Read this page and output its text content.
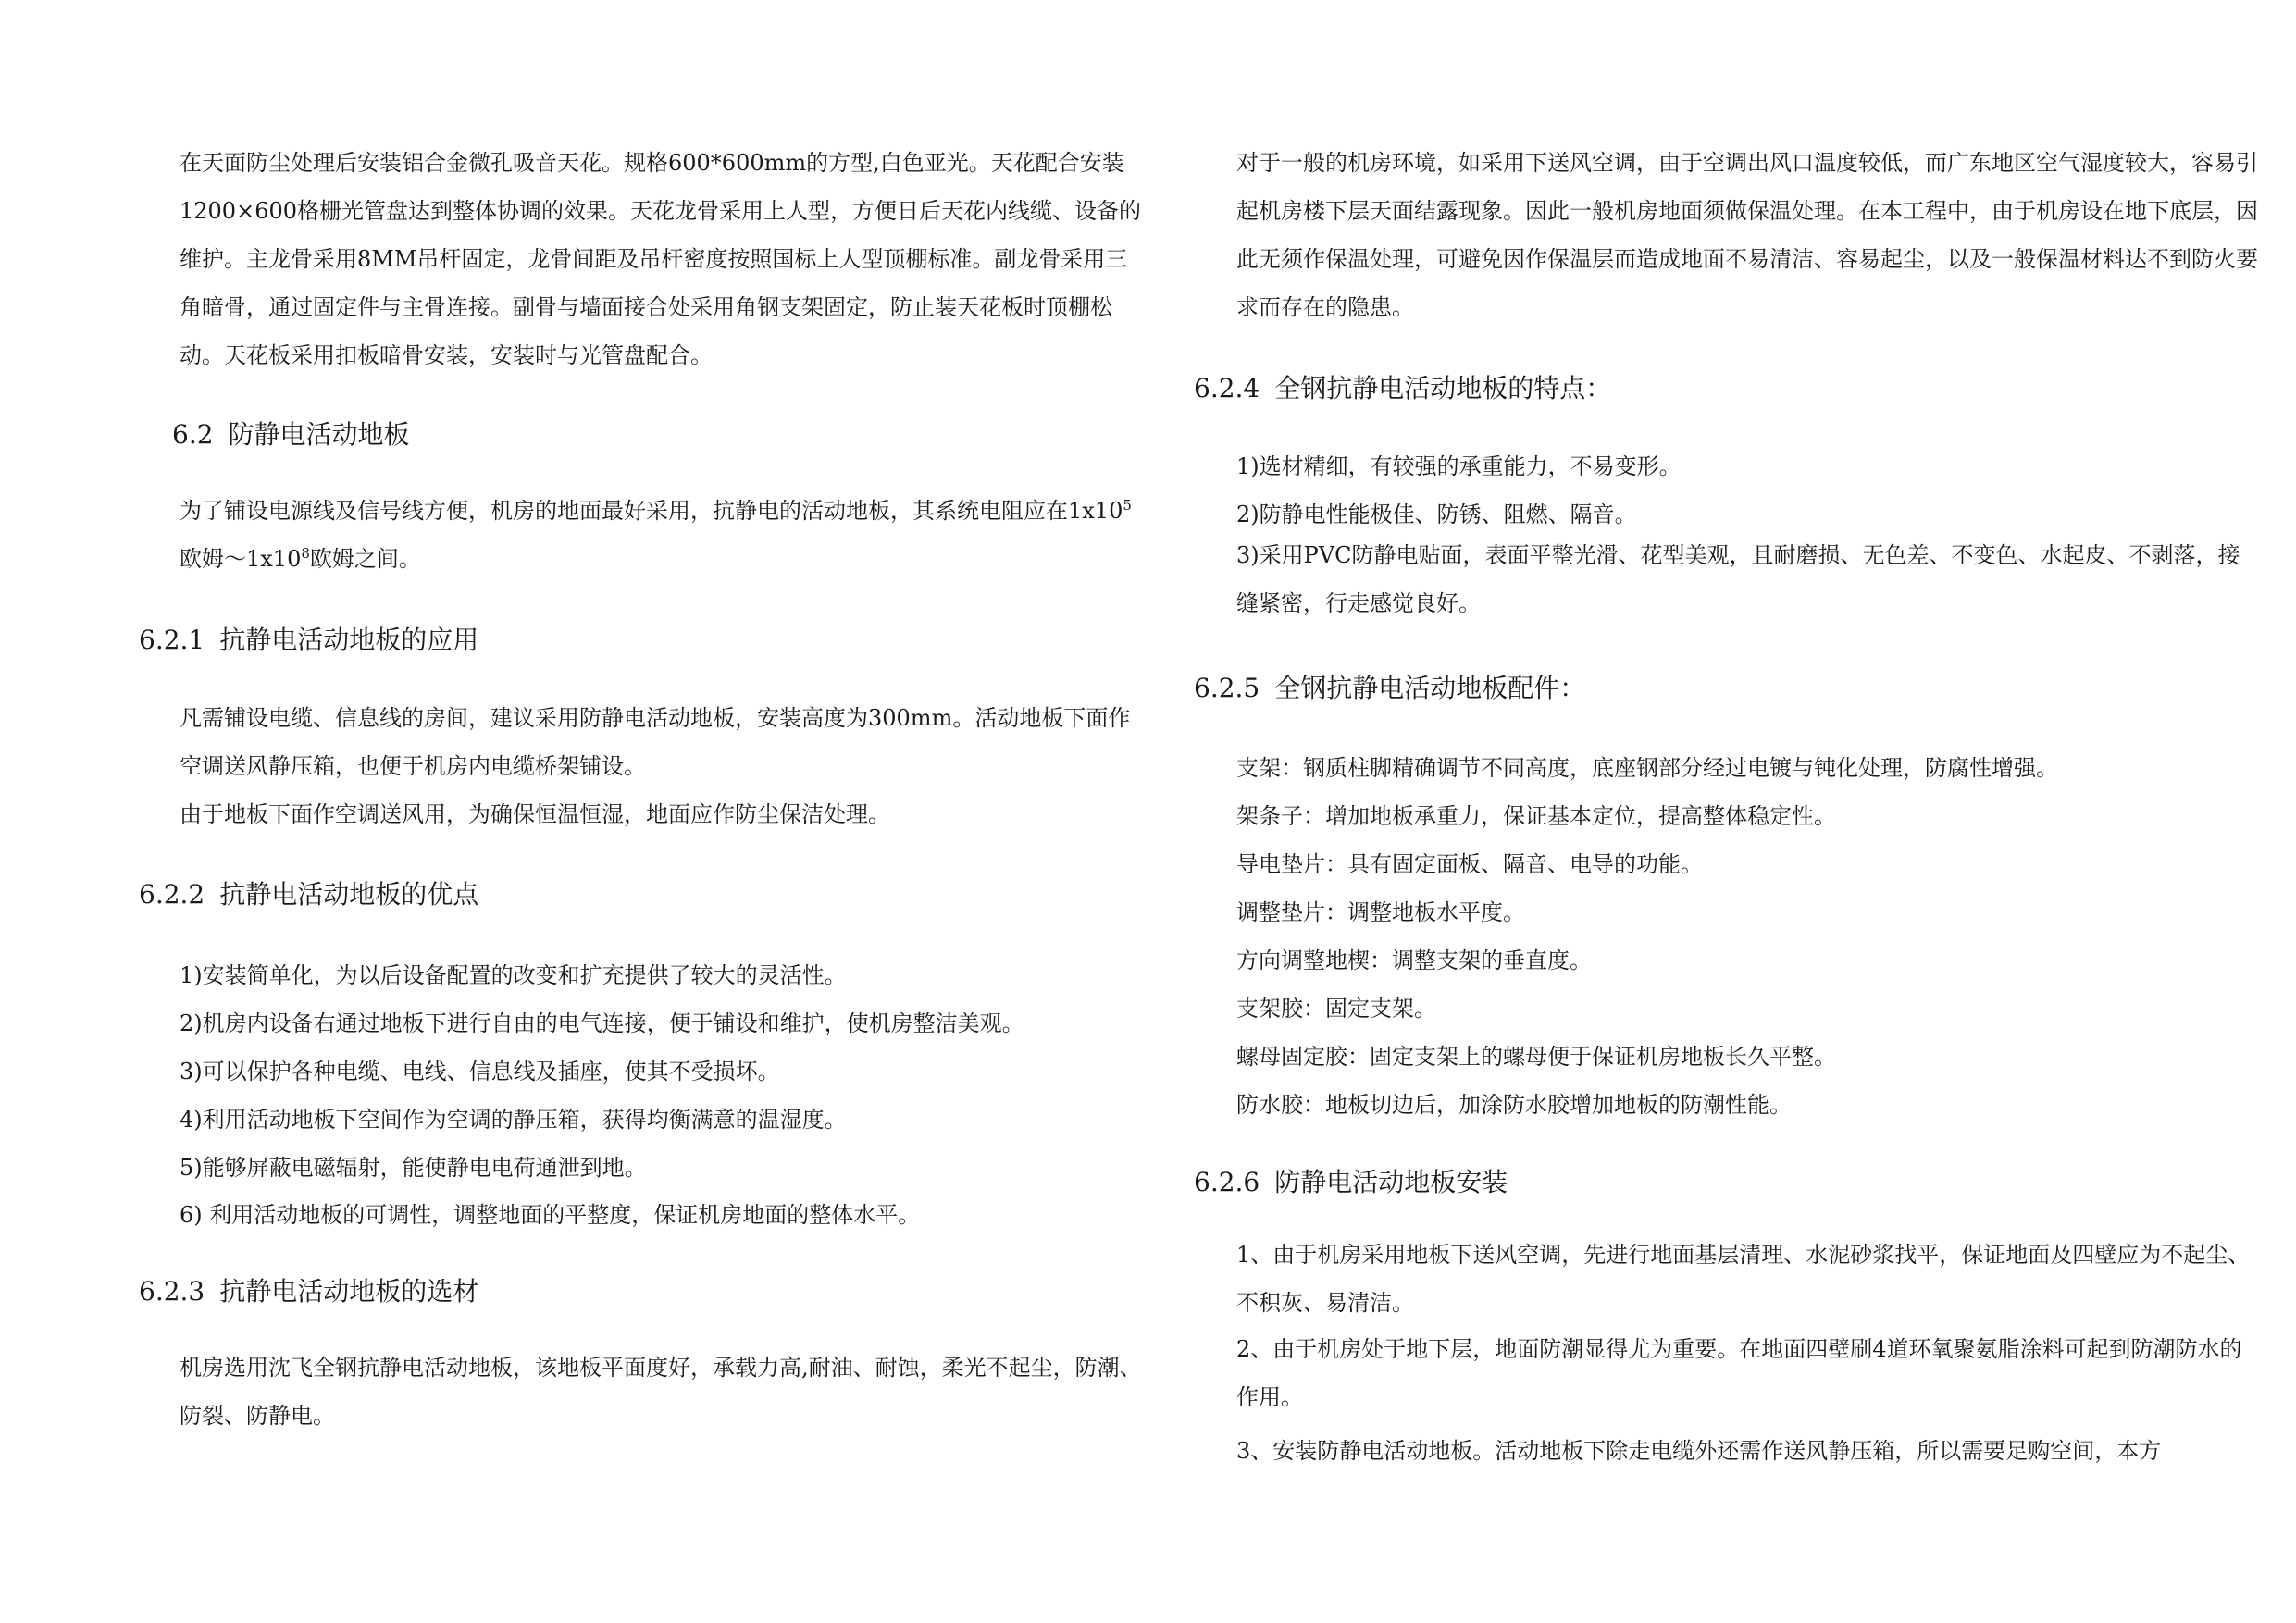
在天面防尘处理后安装铝合金微孔吸音天花。规格600*600mm的方型,白色亚光。天花配合安装1200×600格栅光管盘达到整体协调的效果。天花龙骨采用上人型，方便日后天花内线缆、设备的维护。主龙骨采用8MM吊杆固定，龙骨间距及吊杆密度按照国标上人型顶棚标准。副龙骨采用三角暗骨，通过固定件与主骨连接。副骨与墙面接合处采用角钢支架固定，防止装天花板时顶棚松动。天花板采用扣板暗骨安装，安装时与光管盘配合。

6.2 防静电活动地板

为了铺设电源线及信号线方便，机房的地面最好采用，抗静电的活动地板，其系统电阻应在$1x10^5$欧姆$\sim 1x10^8$欧姆之间。

6.2.1 抗静电活动地板的应用

凡需铺设电缆、信息线的房间，建议采用防静电活动地板，安装高度为300mm。活动地板下面作空调送风静压箱，也便于机房内电缆桥架铺设。

由于地板下面作空调送风用，为确保恒温恒湿，地面应作防尘保洁处理。

6.2.2 抗静电活动地板的优点

1)安装简单化，为以后设备配置的改变和扩充提供了较大的灵活性。

2)机房内设备右通过地板下进行自由的电气连接，便于铺设和维护，使机房整洁美观。

3)可以保护各种电缆、电线、信息线及插座，使其不受损坏。

4)利用活动地板下空间作为空调的静压箱，获得均衡满意的温湿度。

5)能够屏蔽电磁辐射，能使静电电荷通泄到地。

6) 利用活动地板的可调性，调整地面的平整度，保证机房地面的整体水平。

6.2.3 抗静电活动地板的选材

机房选用沈飞全钢抗静电活动地板，该地板平面度好，承载力高,耐油、耐蚀，柔光不起尘，防潮、防裂、防静电。

对于一般的机房环境，如采用下送风空调，由于空调出风口温度较低，而广东地区空气湿度较大，容易引起机房楼下层天面结露现象。因此一般机房地面须做保温处理。在本工程中，由于机房设在地下底层，因此无须作保温处理，可避免因作保温层而造成地面不易清洁、容易起尘，以及一般保温材料达不到防火要求而存在的隐患。

6.2.4 全钢抗静电活动地板的特点：

1)选材精细，有较强的承重能力，不易变形。

2)防静电性能极佳、防锈、阻燃、隔音。

3)采用PVC防静电贴面，表面平整光滑、花型美观，且耐磨损、无色差、不变色、水起皮、不剥落，接缝紧密，行走感觉良好。

6.2.5 全钢抗静电活动地板配件：

支架：钢质柱脚精确调节不同高度，底座钢部分经过电镀与钝化处理，防腐性增强。

架条子：增加地板承重力，保证基本定位，提高整体稳定性。

导电垫片：具有固定面板、隔音、电导的功能。

调整垫片：调整地板水平度。

方向调整地楔：调整支架的垂直度。

支架胶：固定支架。

螺母固定胶：固定支架上的螺母便于保证机房地板长久平整。

防水胶：地板切边后，加涂防水胶增加地板的防潮性能。

6.2.6 防静电活动地板安装

1、由于机房采用地板下送风空调，先进行地面基层清理、水泥砂浆找平，保证地面及四壁应为不起尘、不积灰、易清洁。

2、由于机房处于地下层，地面防潮显得尤为重要。在地面四壁刷4道环氧聚氨脂涂料可起到防潮防水的作用。

3、安装防静电活动地板。活动地板下除走电缆外还需作送风静压箱，所以需要足购空间，本方
